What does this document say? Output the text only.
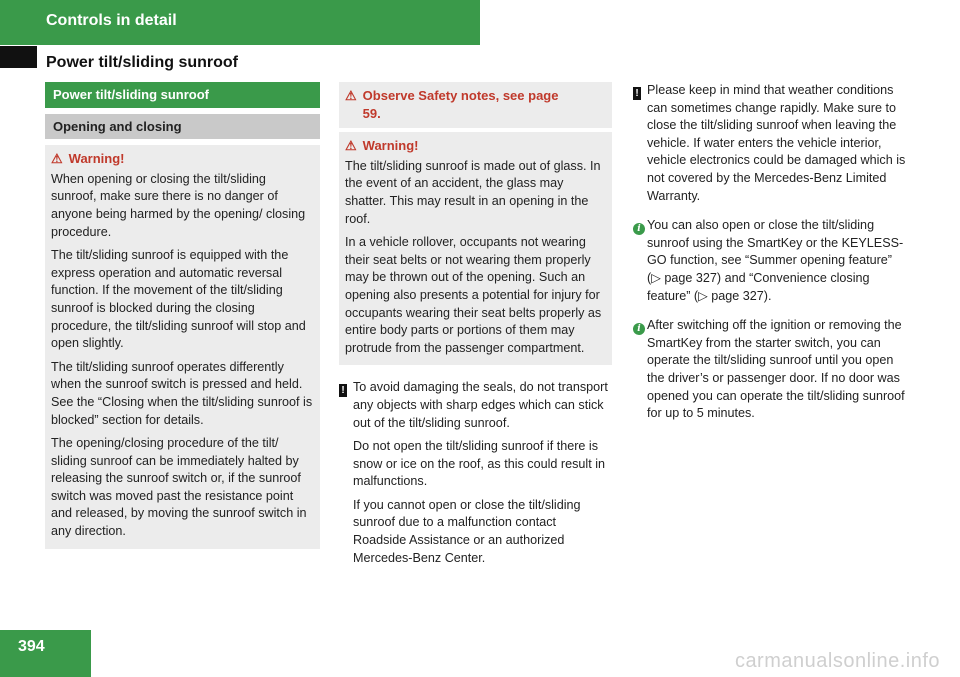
Controls in detail
Power tilt/sliding sunroof
Power tilt/sliding sunroof
Opening and closing
⚠ Warning!

When opening or closing the tilt/sliding sunroof, make sure there is no danger of anyone being harmed by the opening/ closing procedure.

The tilt/sliding sunroof is equipped with the express operation and automatic reversal function. If the movement of the tilt/sliding sunroof is blocked during the closing procedure, the tilt/sliding sunroof will stop and open slightly.

The tilt/sliding sunroof operates differently when the sunroof switch is pressed and held. See the “Closing when the tilt/sliding sunroof is blocked” section for details.

The opening/closing procedure of the tilt/ sliding sunroof can be immediately halted by releasing the sunroof switch or, if the sunroof switch was moved past the resistance point and released, by moving the sunroof switch in any direction.

⚠ Observe Safety notes, see page 59.
⚠ Warning!

The tilt/sliding sunroof is made out of glass. In the event of an accident, the glass may shatter. This may result in an opening in the roof.

In a vehicle rollover, occupants not wearing their seat belts or not wearing them properly may be thrown out of the opening. Such an opening also presents a potential for injury for occupants wearing their seat belts properly as entire body parts or portions of them may protrude from the passenger compartment.

! To avoid damaging the seals, do not transport any objects with sharp edges which can stick out of the tilt/sliding sunroof.

Do not open the tilt/sliding sunroof if there is snow or ice on the roof, as this could result in malfunctions.

If you cannot open or close the tilt/sliding sunroof due to a malfunction contact Roadside Assistance or an authorized Mercedes-Benz Center.

! Please keep in mind that weather conditions can sometimes change rapidly. Make sure to close the tilt/sliding sunroof when leaving the vehicle. If water enters the vehicle interior, vehicle electronics could be damaged which is not covered by the Mercedes-Benz Limited Warranty.
i You can also open or close the tilt/sliding sunroof using the SmartKey or the KEYLESS-GO function, see “Summer opening feature” (▷ page 327) and “Convenience closing feature” (▷ page 327).
i After switching off the ignition or removing the SmartKey from the starter switch, you can operate the tilt/sliding sunroof until you open the driver’s or passenger door. If no door was opened you can operate the tilt/sliding sunroof for up to 5 minutes.
394
carmanualsonline.info
